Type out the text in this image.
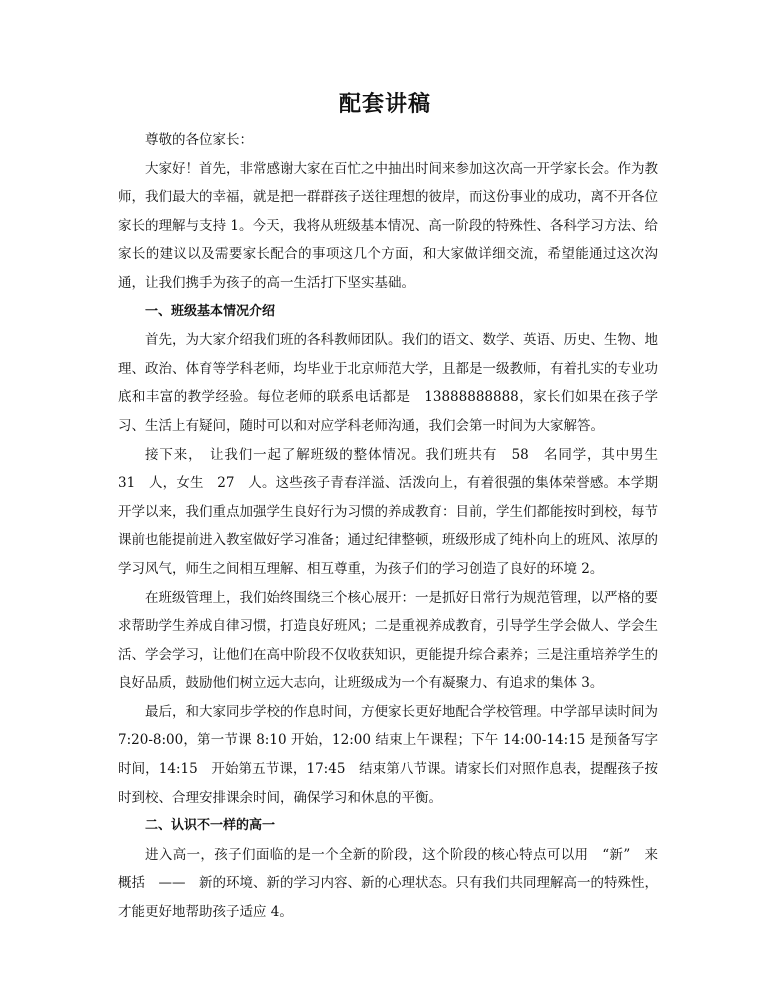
配套讲稿

尊敬的各位家长：

大家好！首先，非常感谢大家在百忙之中抽出时间来参加这次高一开学家长会。作为教师，我们最大的幸福，就是把一群群孩子送往理想的彼岸，而这份事业的成功，离不开各位家长的理解与支持 1。今天，我将从班级基本情况、高一阶段的特殊性、各科学习方法、给家长的建议以及需要家长配合的事项这几个方面，和大家做详细交流，希望能通过这次沟通，让我们携手为孩子的高一生活打下坚实基础。

一、班级基本情况介绍

首先，为大家介绍我们班的各科教师团队。我们的语文、数学、英语、历史、生物、地理、政治、体育等学科老师，均毕业于北京师范大学，且都是一级教师，有着扎实的专业功底和丰富的教学经验。每位老师的联系电话都是　13888888888，家长们如果在孩子学习、生活上有疑问，随时可以和对应学科老师沟通，我们会第一时间为大家解答。

接下来，　让我们一起了解班级的整体情况。我们班共有　58　名同学，其中男生　31　人，女生　27　人。这些孩子青春洋溢、活泼向上，有着很强的集体荣誉感。本学期开学以来，我们重点加强学生良好行为习惯的养成教育：目前，学生们都能按时到校，每节课前也能提前进入教室做好学习准备；通过纪律整顿，班级形成了纯朴向上的班风、浓厚的学习风气，师生之间相互理解、相互尊重，为孩子们的学习创造了良好的环境 2。

在班级管理上，我们始终围绕三个核心展开：一是抓好日常行为规范管理，以严格的要求帮助学生养成自律习惯，打造良好班风；二是重视养成教育，引导学生学会做人、学会生活、学会学习，让他们在高中阶段不仅收获知识，更能提升综合素养；三是注重培养学生的良好品质，鼓励他们树立远大志向，让班级成为一个有凝聚力、有追求的集体 3。

最后，和大家同步学校的作息时间，方便家长更好地配合学校管理。中学部早读时间为 7:20-8:00，第一节课 8:10 开始，12:00 结束上午课程；下午 14:00-14:15 是预备写字时间，14:15　开始第五节课，17:45　结束第八节课。请家长们对照作息表，提醒孩子按时到校、合理安排课余时间，确保学习和休息的平衡。

二、认识不一样的高一

进入高一，孩子们面临的是一个全新的阶段，这个阶段的核心特点可以用　“新”　来概括　——　新的环境、新的学习内容、新的心理状态。只有我们共同理解高一的特殊性，才能更好地帮助孩子适应 4。
